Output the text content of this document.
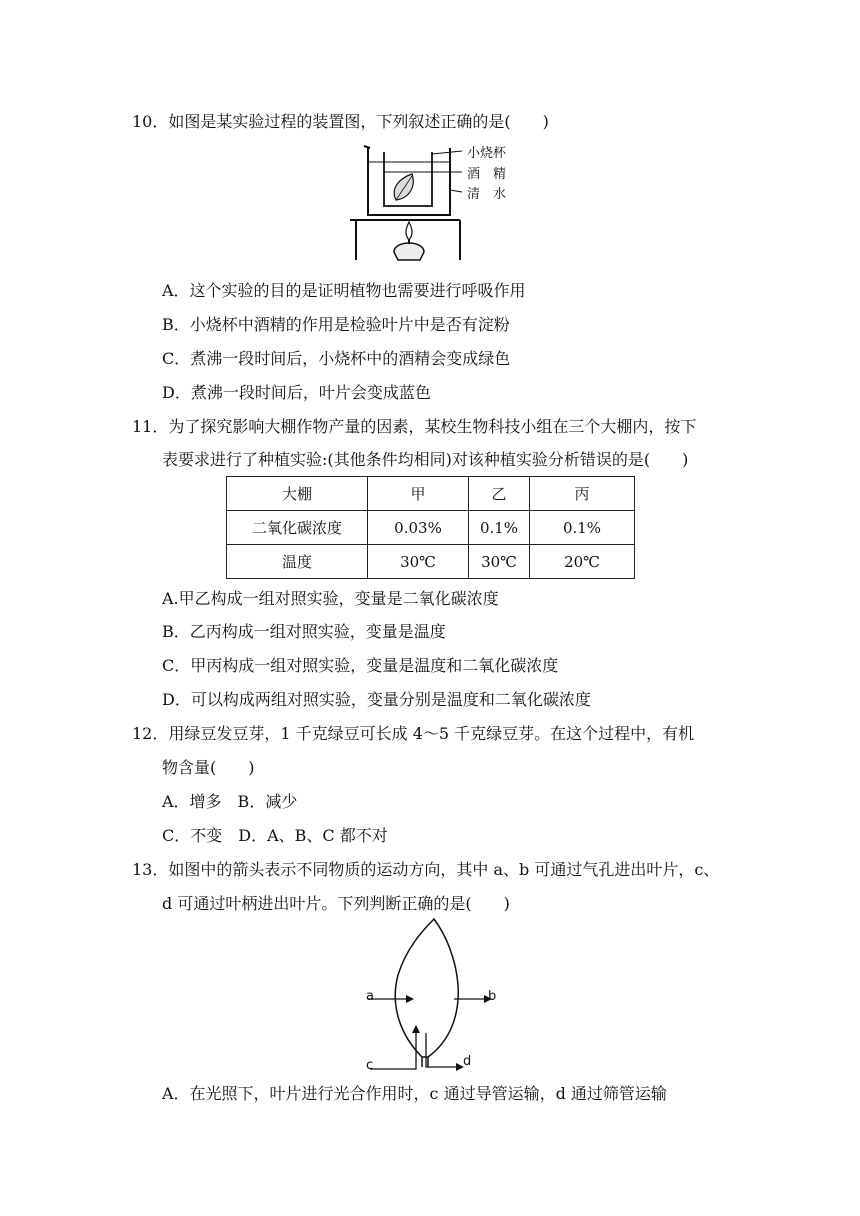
10．如图是某实验过程的装置图，下列叙述正确的是(　　)
小烧杯
酒　精
清　水
A．这个实验的目的是证明植物也需要进行呼吸作用
B．小烧杯中酒精的作用是检验叶片中是否有淀粉
C．煮沸一段时间后，小烧杯中的酒精会变成绿色
D．煮沸一段时间后，叶片会变成蓝色
11．为了探究影响大棚作物产量的因素，某校生物科技小组在三个大棚内，按下
表要求进行了种植实验:(其他条件均相同)对该种植实验分析错误的是(　　)
大棚	甲	乙	丙
二氧化碳浓度	0.03%	0.1%	0.1%
温度	30℃	30℃	20℃
A.甲乙构成一组对照实验，变量是二氧化碳浓度
B．乙丙构成一组对照实验，变量是温度
C．甲丙构成一组对照实验，变量是温度和二氧化碳浓度
D．可以构成两组对照实验，变量分别是温度和二氧化碳浓度
12．用绿豆发豆芽，1 千克绿豆可长成 4～5 千克绿豆芽。在这个过程中，有机
物含量(　　)
A．增多　B．减少
C．不变　D．A、B、C 都不对
13．如图中的箭头表示不同物质的运动方向，其中 a、b 可通过气孔进出叶片，c、
d 可通过叶柄进出叶片。下列判断正确的是(　　)
a	b
c	d
A．在光照下，叶片进行光合作用时，c 通过导管运输，d 通过筛管运输
